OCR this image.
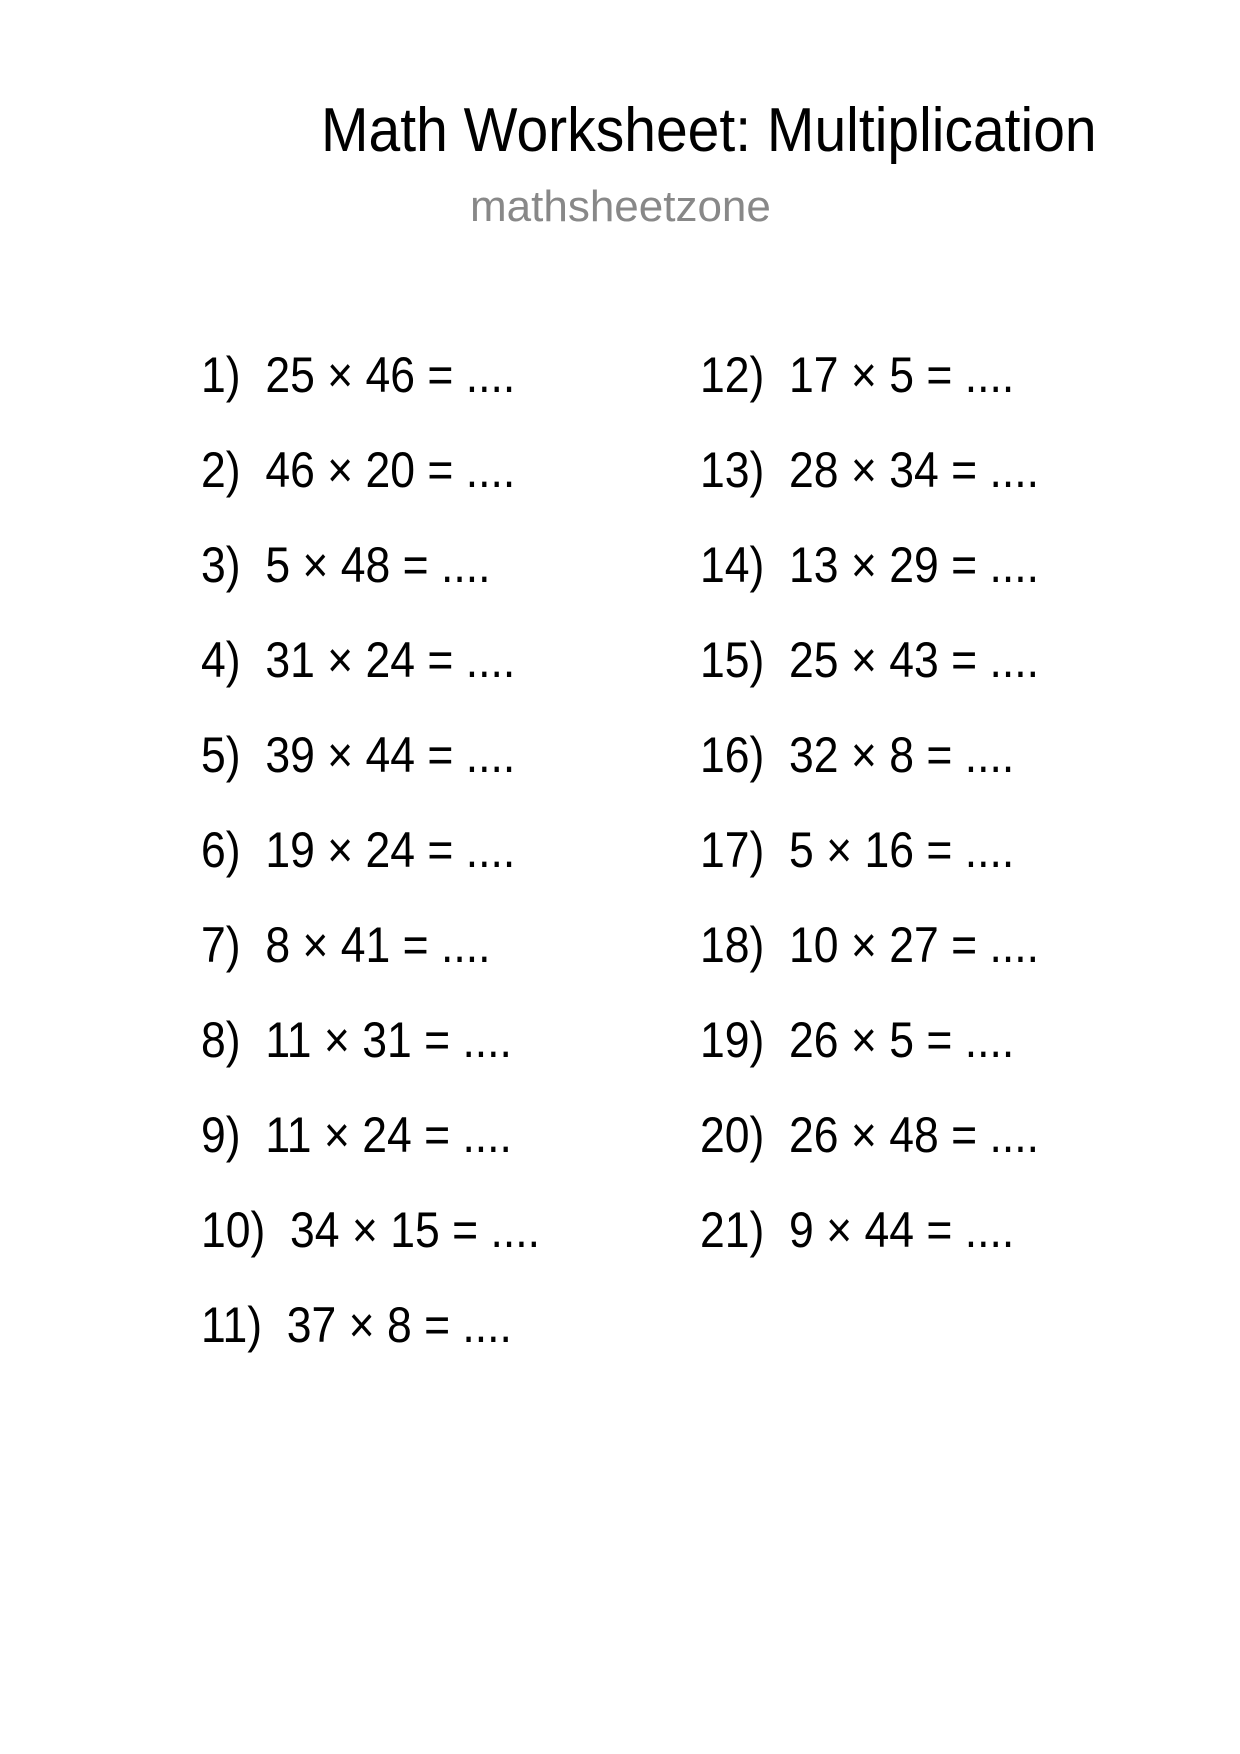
Math Worksheet: Multiplication
mathsheetzone
1) 25 × 46 = ....
2) 46 × 20 = ....
3) 5 × 48 = ....
4) 31 × 24 = ....
5) 39 × 44 = ....
6) 19 × 24 = ....
7) 8 × 41 = ....
8) 11 × 31 = ....
9) 11 × 24 = ....
10) 34 × 15 = ....
11) 37 × 8 = ....
12) 17 × 5 = ....
13) 28 × 34 = ....
14) 13 × 29 = ....
15) 25 × 43 = ....
16) 32 × 8 = ....
17) 5 × 16 = ....
18) 10 × 27 = ....
19) 26 × 5 = ....
20) 26 × 48 = ....
21) 9 × 44 = ....
